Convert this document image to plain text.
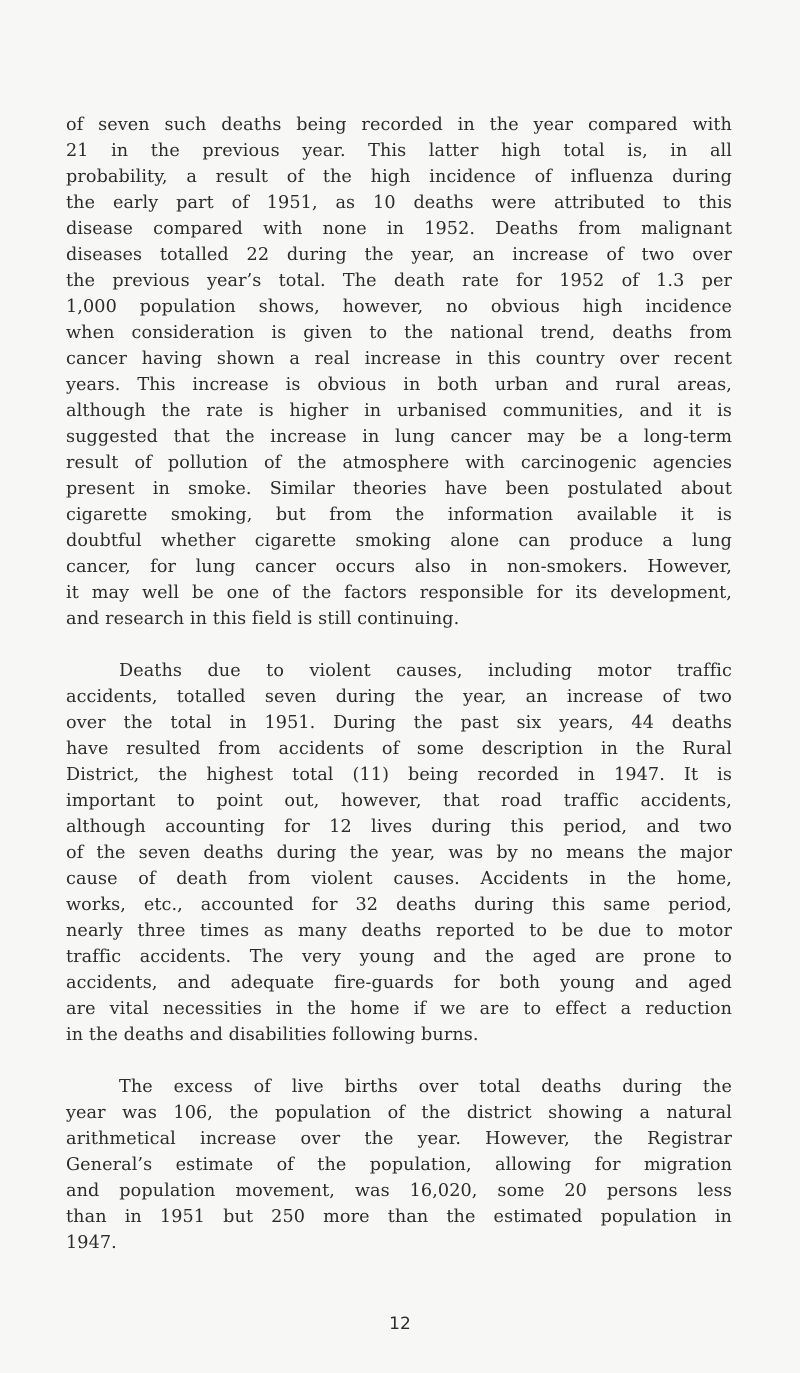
of seven such deaths being recorded in the year compared with
21 in the previous year. This latter high total is, in all
probability, a result of the high incidence of influenza during
the early part of 1951, as 10 deaths were attributed to this
disease compared with none in 1952. Deaths from malignant
diseases totalled 22 during the year, an increase of two over
the previous year’s total. The death rate for 1952 of 1.3 per
1,000 population shows, however, no obvious high incidence
when consideration is given to the national trend, deaths from
cancer having shown a real increase in this country over recent
years. This increase is obvious in both urban and rural areas,
although the rate is higher in urbanised communities, and it is
suggested that the increase in lung cancer may be a long-term
result of pollution of the atmosphere with carcinogenic agencies
present in smoke. Similar theories have been postulated about
cigarette smoking, but from the information available it is
doubtful whether cigarette smoking alone can produce a lung
cancer, for lung cancer occurs also in non-smokers. However,
it may well be one of the factors responsible for its development,
and research in this field is still continuing.
Deaths due to violent causes, including motor traffic
accidents, totalled seven during the year, an increase of two
over the total in 1951. During the past six years, 44 deaths
have resulted from accidents of some description in the Rural
District, the highest total (11) being recorded in 1947. It is
important to point out, however, that road traffic accidents,
although accounting for 12 lives during this period, and two
of the seven deaths during the year, was by no means the major
cause of death from violent causes. Accidents in the home,
works, etc., accounted for 32 deaths during this same period,
nearly three times as many deaths reported to be due to motor
traffic accidents. The very young and the aged are prone to
accidents, and adequate fire-guards for both young and aged
are vital necessities in the home if we are to effect a reduction
in the deaths and disabilities following burns.
The excess of live births over total deaths during the
year was 106, the population of the district showing a natural
arithmetical increase over the year. However, the Registrar
General’s estimate of the population, allowing for migration
and population movement, was 16,020, some 20 persons less
than in 1951 but 250 more than the estimated population in
1947.
12
